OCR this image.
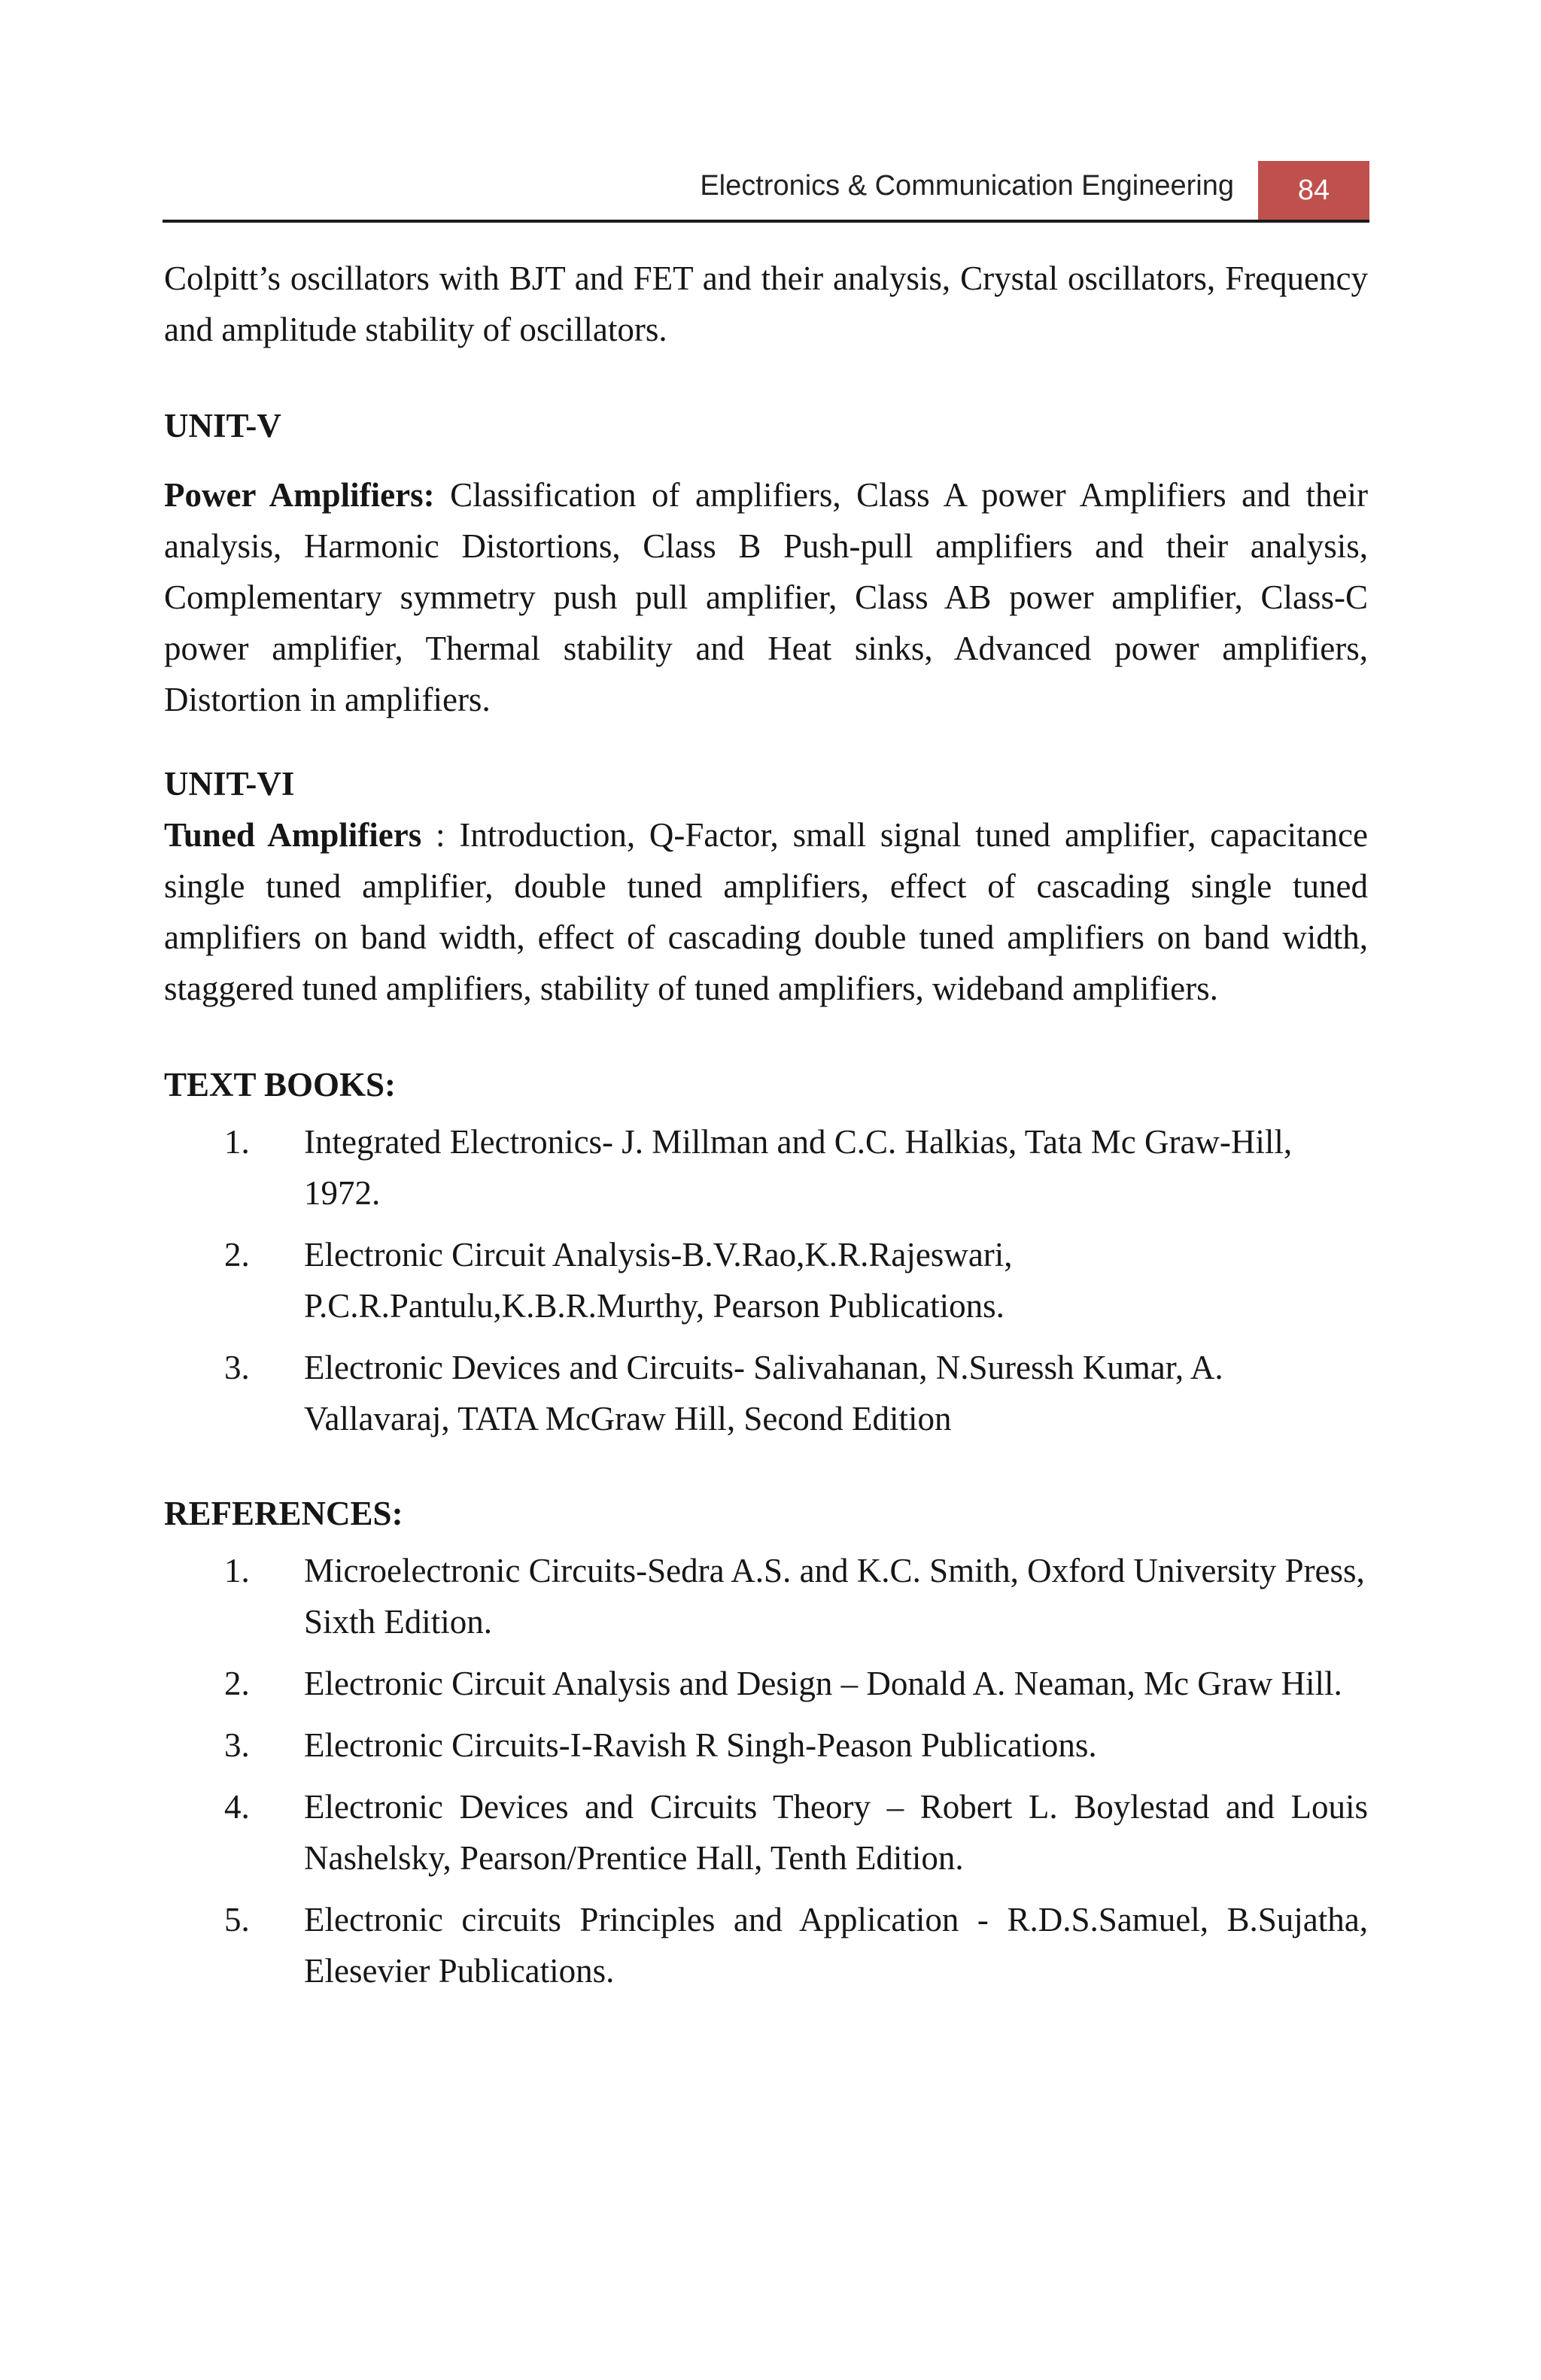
Electronics & Communication Engineering	84

Colpitt’s oscillators with BJT and FET and their analysis, Crystal oscillators, Frequency and amplitude stability of oscillators.

UNIT-V

Power Amplifiers: Classification of amplifiers, Class A power Amplifiers and their analysis, Harmonic Distortions, Class B Push-pull amplifiers and their analysis, Complementary symmetry push pull amplifier, Class AB power amplifier, Class-C power amplifier, Thermal stability and Heat sinks, Advanced power amplifiers, Distortion in amplifiers.

UNIT-VI

Tuned Amplifiers : Introduction, Q-Factor, small signal tuned amplifier, capacitance single tuned amplifier, double tuned amplifiers, effect of cascading single tuned amplifiers on band width, effect of cascading double tuned amplifiers on band width, staggered tuned amplifiers, stability of tuned amplifiers, wideband amplifiers.

TEXT BOOKS:
1.	Integrated Electronics- J. Millman and C.C. Halkias, Tata Mc Graw-Hill, 1972.
2.	Electronic Circuit Analysis-B.V.Rao,K.R.Rajeswari, P.C.R.Pantulu,K.B.R.Murthy, Pearson Publications.
3.	Electronic Devices and Circuits- Salivahanan, N.Suressh Kumar, A. Vallavaraj, TATA McGraw Hill, Second Edition
REFERENCES:
1.	Microelectronic Circuits-Sedra A.S. and K.C. Smith, Oxford University Press, Sixth Edition.
2.	Electronic Circuit Analysis and Design – Donald A. Neaman, Mc Graw Hill.
3.	Electronic Circuits-I-Ravish R Singh-Peason Publications.
4.	Electronic Devices and Circuits Theory – Robert L. Boylestad and Louis Nashelsky, Pearson/Prentice Hall, Tenth Edition.
5.	Electronic circuits Principles and Application - R.D.S.Samuel, B.Sujatha, Elesevier Publications.
